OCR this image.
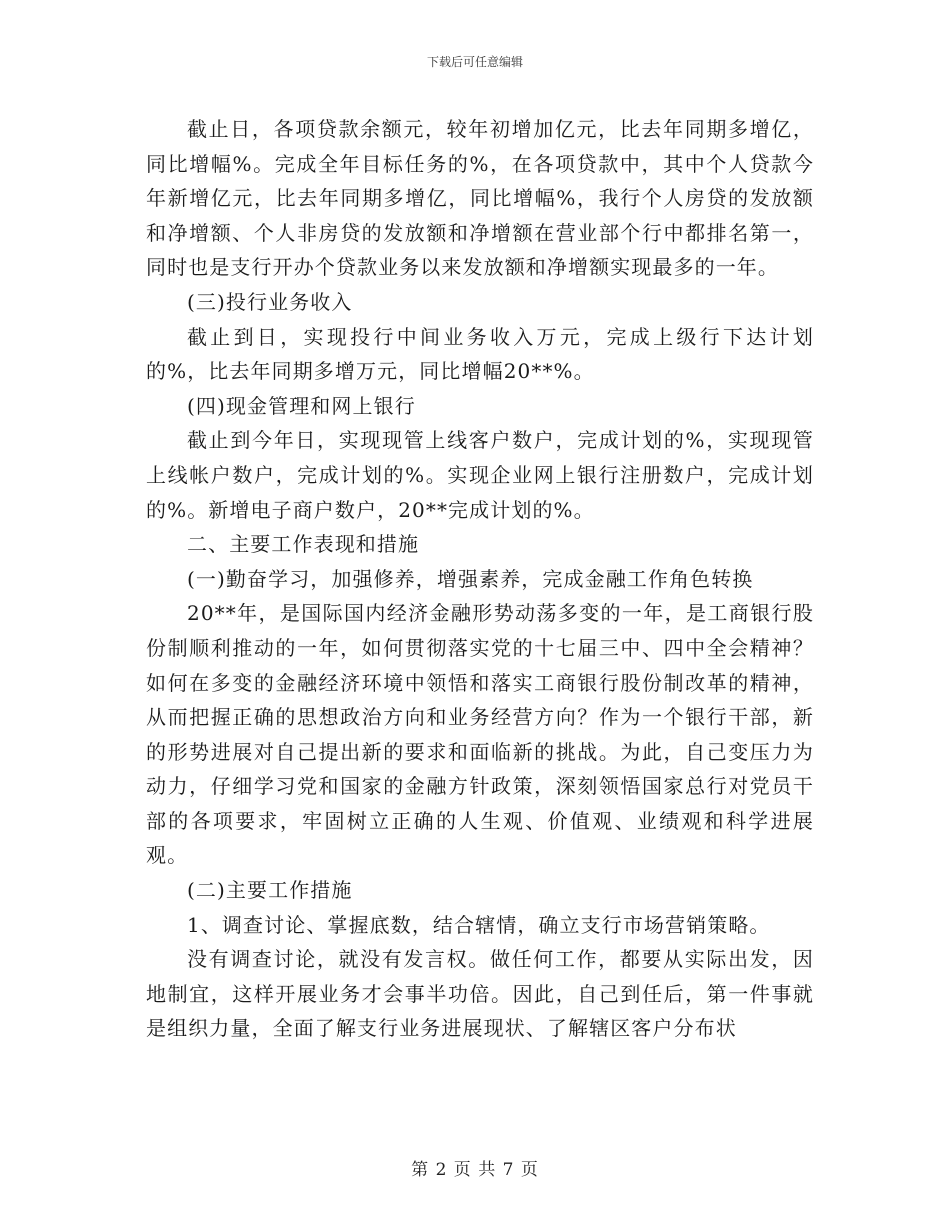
下载后可任意编辑

截止日，各项贷款余额元，较年初增加亿元，比去年同期多增亿，同比增幅%。完成全年目标任务的%，在各项贷款中，其中个人贷款今年新增亿元，比去年同期多增亿，同比增幅%，我行个人房贷的发放额和净增额、个人非房贷的发放额和净增额在营业部个行中都排名第一，同时也是支行开办个贷款业务以来发放额和净增额实现最多的一年。

(三)投行业务收入

截止到日，实现投行中间业务收入万元，完成上级行下达计划的%，比去年同期多增万元，同比增幅20**%。

(四)现金管理和网上银行

截止到今年日，实现现管上线客户数户，完成计划的%，实现现管上线帐户数户，完成计划的%。实现企业网上银行注册数户，完成计划的%。新增电子商户数户，20**完成计划的%。

二、主要工作表现和措施

(一)勤奋学习，加强修养，增强素养，完成金融工作角色转换

20**年，是国际国内经济金融形势动荡多变的一年，是工商银行股份制顺利推动的一年，如何贯彻落实党的十七届三中、四中全会精神？如何在多变的金融经济环境中领悟和落实工商银行股份制改革的精神，从而把握正确的思想政治方向和业务经营方向？作为一个银行干部，新的形势进展对自己提出新的要求和面临新的挑战。为此，自己变压力为动力，仔细学习党和国家的金融方针政策，深刻领悟国家总行对党员干部的各项要求，牢固树立正确的人生观、价值观、业绩观和科学进展观。

(二)主要工作措施

1、调查讨论、掌握底数，结合辖情，确立支行市场营销策略。

没有调查讨论，就没有发言权。做任何工作，都要从实际出发，因地制宜，这样开展业务才会事半功倍。因此，自己到任后，第一件事就是组织力量，全面了解支行业务进展现状、了解辖区客户分布状

第 2 页 共 7 页
